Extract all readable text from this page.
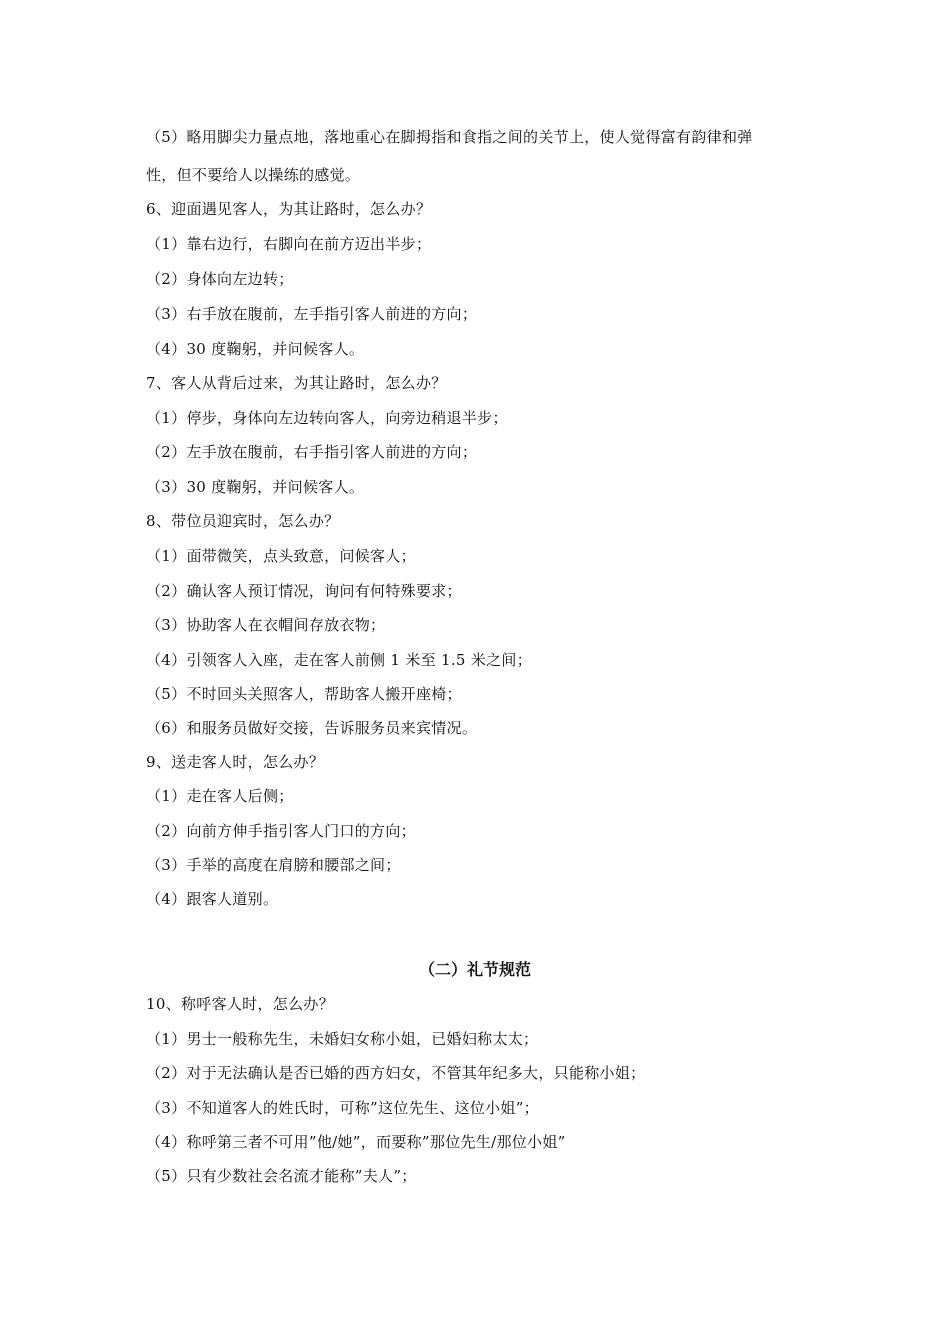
（5）略用脚尖力量点地，落地重心在脚拇指和食指之间的关节上，使人觉得富有韵律和弹
性，但不要给人以操练的感觉。
6、迎面遇见客人，为其让路时，怎么办？
（1）靠右边行，右脚向在前方迈出半步；
（2）身体向左边转；
（3）右手放在腹前，左手指引客人前进的方向；
（4）30 度鞠躬，并问候客人。
7、客人从背后过来，为其让路时，怎么办？
（1）停步，身体向左边转向客人，向旁边稍退半步；
（2）左手放在腹前，右手指引客人前进的方向；
（3）30 度鞠躬，并问候客人。
8、带位员迎宾时，怎么办？
（1）面带微笑，点头致意，问候客人；
（2）确认客人预订情况，询问有何特殊要求；
（3）协助客人在衣帽间存放衣物；
（4）引领客人入座，走在客人前侧 1 米至 1.5 米之间；
（5）不时回头关照客人，帮助客人搬开座椅；
（6）和服务员做好交接，告诉服务员来宾情况。
9、送走客人时，怎么办？
（1）走在客人后侧；
（2）向前方伸手指引客人门口的方向；
（3）手举的高度在肩膀和腰部之间；
（4）跟客人道别。
（二）礼节规范
10、称呼客人时，怎么办？
（1）男士一般称先生，未婚妇女称小姐，已婚妇称太太；
（2）对于无法确认是否已婚的西方妇女，不管其年纪多大，只能称小姐；
（3）不知道客人的姓氏时，可称”这位先生、这位小姐”；
（4）称呼第三者不可用”他/她”，而要称”那位先生/那位小姐”
（5）只有少数社会名流才能称”夫人”；
